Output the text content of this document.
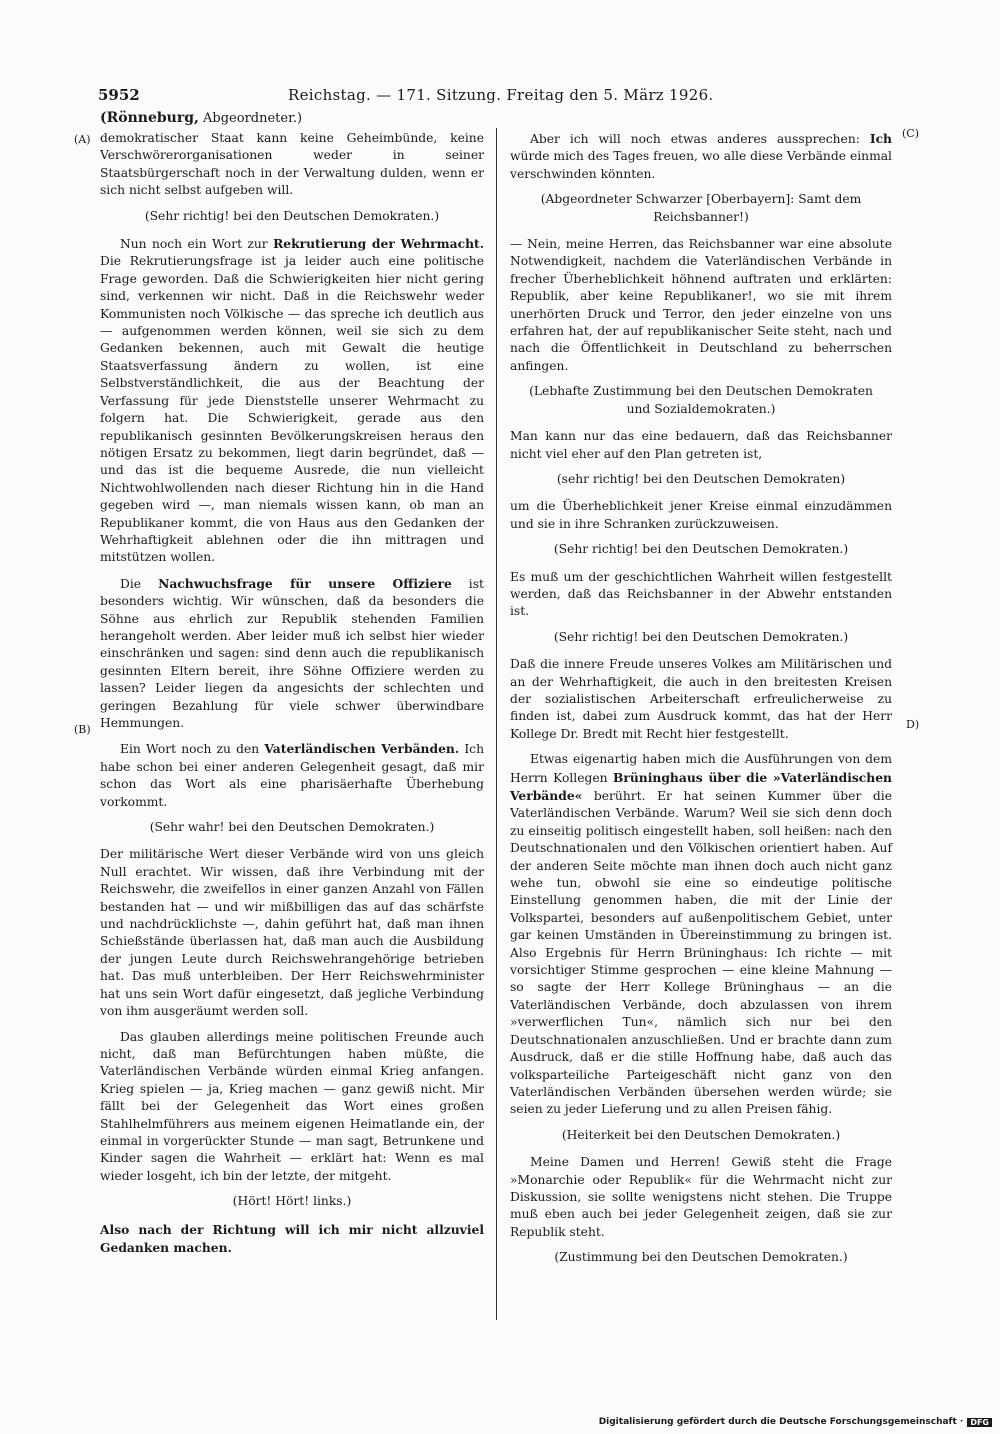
5952	Reichstag. — 171. Sitzung. Freitag den 5. März 1926.
(Rönneburg, Abgeordneter.)
(A)
(B)
(C)
D)

demokratischer Staat kann keine Geheimbünde, keine Verschwörerorganisationen weder in seiner Staatsbürgerschaft noch in der Verwaltung dulden, wenn er sich nicht selbst aufgeben will.

(Sehr richtig! bei den Deutschen Demokraten.)

Nun noch ein Wort zur Rekrutierung der Wehrmacht. Die Rekrutierungsfrage ist ja leider auch eine politische Frage geworden. Daß die Schwierigkeiten hier nicht gering sind, verkennen wir nicht. Daß in die Reichswehr weder Kommunisten noch Völkische — das spreche ich deutlich aus — aufgenommen werden können, weil sie sich zu dem Gedanken bekennen, auch mit Gewalt die heutige Staatsverfassung ändern zu wollen, ist eine Selbstverständlichkeit, die aus der Beachtung der Verfassung für jede Dienststelle unserer Wehrmacht zu folgern hat. Die Schwierigkeit, gerade aus den republikanisch gesinnten Bevölkerungskreisen heraus den nötigen Ersatz zu bekommen, liegt darin begründet, daß — und das ist die bequeme Ausrede, die nun vielleicht Nichtwohlwollenden nach dieser Richtung hin in die Hand gegeben wird —, man niemals wissen kann, ob man an Republikaner kommt, die von Haus aus den Gedanken der Wehrhaftigkeit ablehnen oder die ihn mittragen und mitstützen wollen.

Die Nachwuchsfrage für unsere Offiziere ist besonders wichtig. Wir wünschen, daß da besonders die Söhne aus ehrlich zur Republik stehenden Familien herangeholt werden. Aber leider muß ich selbst hier wieder einschränken und sagen: sind denn auch die republikanisch gesinnten Eltern bereit, ihre Söhne Offiziere werden zu lassen? Leider liegen da angesichts der schlechten und geringen Bezahlung für viele schwer überwindbare Hemmungen.

Ein Wort noch zu den Vaterländischen Verbänden. Ich habe schon bei einer anderen Gelegenheit gesagt, daß mir schon das Wort als eine pharisäerhafte Überhebung vorkommt.

(Sehr wahr! bei den Deutschen Demokraten.)

Der militärische Wert dieser Verbände wird von uns gleich Null erachtet. Wir wissen, daß ihre Verbindung mit der Reichswehr, die zweifellos in einer ganzen Anzahl von Fällen bestanden hat — und wir mißbilligen das auf das schärfste und nachdrücklichste —, dahin geführt hat, daß man ihnen Schießstände überlassen hat, daß man auch die Ausbildung der jungen Leute durch Reichswehrangehörige betrieben hat. Das muß unterbleiben. Der Herr Reichswehrminister hat uns sein Wort dafür eingesetzt, daß jegliche Verbindung von ihm ausgeräumt werden soll.

Das glauben allerdings meine politischen Freunde auch nicht, daß man Befürchtungen haben müßte, die Vaterländischen Verbände würden einmal Krieg anfangen. Krieg spielen — ja, Krieg machen — ganz gewiß nicht. Mir fällt bei der Gelegenheit das Wort eines großen Stahlhelmführers aus meinem eigenen Heimatlande ein, der einmal in vorgerückter Stunde — man sagt, Betrunkene und Kinder sagen die Wahrheit — erklärt hat: Wenn es mal wieder losgeht, ich bin der letzte, der mitgeht.

(Hört! Hört! links.)

Also nach der Richtung will ich mir nicht allzuviel Gedanken machen.

Aber ich will noch etwas anderes aussprechen: Ich würde mich des Tages freuen, wo alle diese Verbände einmal verschwinden könnten.

(Abgeordneter Schwarzer [Oberbayern]: Samt dem Reichsbanner!)

— Nein, meine Herren, das Reichsbanner war eine absolute Notwendigkeit, nachdem die Vaterländischen Verbände in frecher Überheblichkeit höhnend auftraten und erklärten: Republik, aber keine Republikaner!, wo sie mit ihrem unerhörten Druck und Terror, den jeder einzelne von uns erfahren hat, der auf republikanischer Seite steht, nach und nach die Öffentlichkeit in Deutschland zu beherrschen anfingen.

(Lebhafte Zustimmung bei den Deutschen Demokraten und Sozialdemokraten.)

Man kann nur das eine bedauern, daß das Reichsbanner nicht viel eher auf den Plan getreten ist,

(sehr richtig! bei den Deutschen Demokraten)

um die Überheblichkeit jener Kreise einmal einzudämmen und sie in ihre Schranken zurückzuweisen.

(Sehr richtig! bei den Deutschen Demokraten.)

Es muß um der geschichtlichen Wahrheit willen festgestellt werden, daß das Reichsbanner in der Abwehr entstanden ist.

(Sehr richtig! bei den Deutschen Demokraten.)

Daß die innere Freude unseres Volkes am Militärischen und an der Wehrhaftigkeit, die auch in den breitesten Kreisen der sozialistischen Arbeiterschaft erfreulicherweise zu finden ist, dabei zum Ausdruck kommt, das hat der Herr Kollege Dr. Bredt mit Recht hier festgestellt.

Etwas eigenartig haben mich die Ausführungen von dem Herrn Kollegen Brüninghaus über die »Vaterländischen Verbände« berührt. Er hat seinen Kummer über die Vaterländischen Verbände. Warum? Weil sie sich denn doch zu einseitig politisch eingestellt haben, soll heißen: nach den Deutschnationalen und den Völkischen orientiert haben. Auf der anderen Seite möchte man ihnen doch auch nicht ganz wehe tun, obwohl sie eine so eindeutige politische Einstellung genommen haben, die mit der Linie der Volkspartei, besonders auf außenpolitischem Gebiet, unter gar keinen Umständen in Übereinstimmung zu bringen ist. Also Ergebnis für Herrn Brüninghaus: Ich richte — mit vorsichtiger Stimme gesprochen — eine kleine Mahnung — so sagte der Herr Kollege Brüninghaus — an die Vaterländischen Verbände, doch abzulassen von ihrem »verwerflichen Tun«, nämlich sich nur bei den Deutschnationalen anzuschließen. Und er brachte dann zum Ausdruck, daß er die stille Hoffnung habe, daß auch das volksparteiliche Parteigeschäft nicht ganz von den Vaterländischen Verbänden übersehen werden würde; sie seien zu jeder Lieferung und zu allen Preisen fähig.

(Heiterkeit bei den Deutschen Demokraten.)

Meine Damen und Herren! Gewiß steht die Frage »Monarchie oder Republik« für die Wehrmacht nicht zur Diskussion, sie sollte wenigstens nicht stehen. Die Truppe muß eben auch bei jeder Gelegenheit zeigen, daß sie zur Republik steht.

(Zustimmung bei den Deutschen Demokraten.)

Digitalisierung gefördert durch die Deutsche Forschungsgemeinschaft · DFG
